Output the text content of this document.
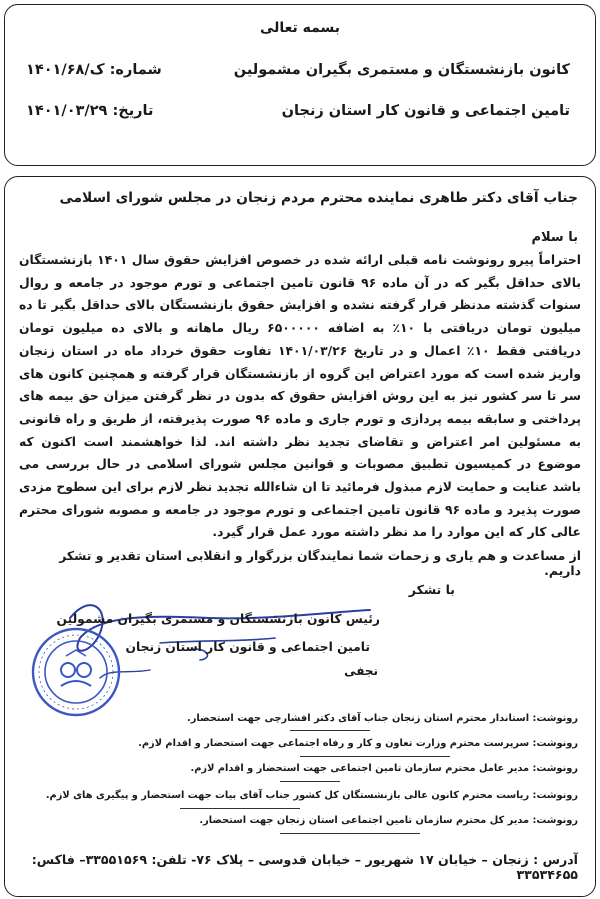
بسمه تعالی
کانون بازنشستگان و مستمری بگیران مشمولین
تامین اجتماعی و قانون کار استان زنجان
۱۴۰۱/ک/۶۸ شماره:
۱۴۰۱/۰۳/۲۹ تاریخ:
جناب آقای دکتر طاهری نماینده محترم مردم زنجان در مجلس شورای اسلامی
با سلام
احتراماً پیرو رونوشت نامه قبلی ارائه شده در خصوص افزایش حقوق سال ۱۴۰۱ بازنشستگان بالای حداقل بگیر که در آن ماده ۹۶ قانون تامین اجتماعی و تورم موجود در جامعه و روال سنوات گذشته مدنظر قرار گرفته نشده و افزایش حقوق بازنشستگان بالای حداقل بگیر تا ده میلیون تومان دریافتی با ۱۰٪ به اضافه ۶۵۰۰۰۰۰ ریال ماهانه و بالای ده میلیون تومان دریافتی فقط ۱۰٪ اعمال و در تاریخ ۱۴۰۱/۰۳/۲۶ تفاوت حقوق خرداد ماه در استان زنجان واریز شده است که مورد اعتراض این گروه از بازنشستگان قرار گرفته و همچنین کانون های سر تا سر کشور نیز به این روش افزایش حقوق که بدون در نظر گرفتن میزان حق بیمه های پرداختی و سابقه بیمه پردازی و تورم جاری و ماده ۹۶ صورت پذیرفته، از طریق و راه قانونی به مسئولین امر اعتراض و تقاضای تجدید نظر داشته اند. لذا خواهشمند است اکنون که موضوع در کمیسیون تطبیق مصوبات و قوانین مجلس شورای اسلامی در حال بررسی می باشد عنایت و حمایت لازم مبذول فرمائید تا ان شاءالله تجدید نظر لازم برای این سطوح مزدی صورت پذیرد و ماده ۹۶ قانون تامین اجتماعی و تورم موجود در جامعه و مصوبه شورای محترم عالی کار که این موارد را مد نظر داشته مورد عمل قرار گیرد.
از مساعدت و هم یاری و زحمات شما نمایندگان بزرگوار و انقلابی استان تقدیر و تشکر داریم.
با تشکر
رئیس کانون بازنشستگان و مستمری بگیران مشمولین
تامین اجتماعی و قانون کار استان زنجان
نجفی
رونوشت: استاندار محترم استان زنجان جناب آقای دکتر افشارچی جهت استحضار.
رونوشت: سرپرست محترم وزارت تعاون و کار و رفاه اجتماعی جهت استحضار و اقدام لازم.
رونوشت: مدیر عامل محترم سازمان تامین اجتماعی جهت استحضار و اقدام لازم.
رونوشت: ریاست محترم کانون عالی بازنشستگان کل کشور جناب آقای بیات جهت استحضار و پیگیری های لازم.
رونوشت: مدیر کل محترم سازمان تامین اجتماعی استان زنجان جهت استحضار.
آدرس : زنجان – خیابان ۱۷ شهریور – خیابان قدوسی – پلاک ۷۶- تلفن: ۳۳۵۵۱۵۶۹– فاکس: ۳۳۵۳۴۶۵۵
